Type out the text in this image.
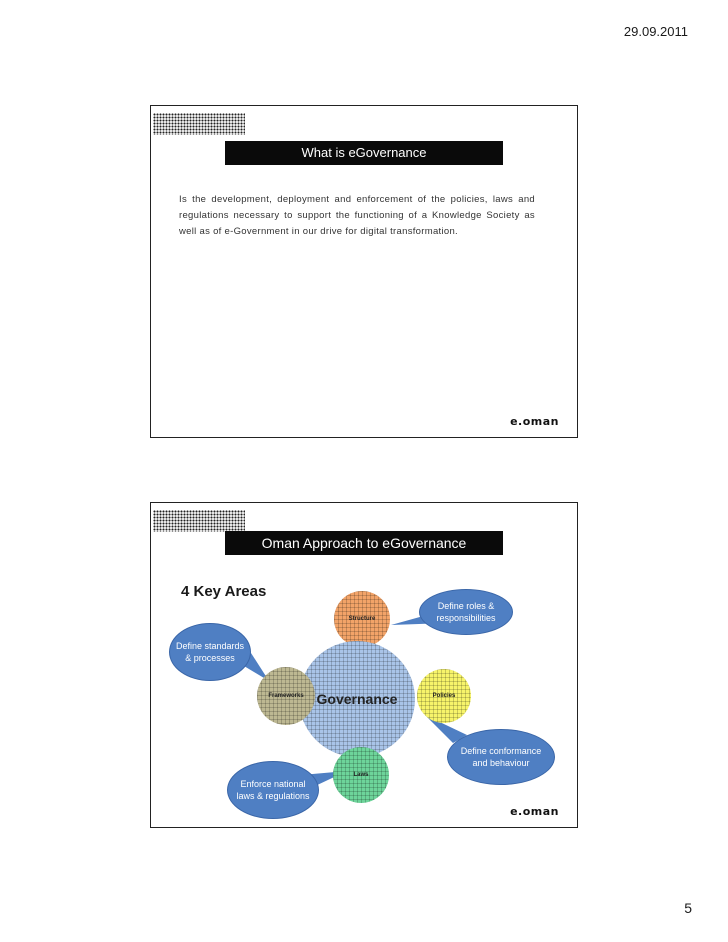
29.09.2011
What is eGovernance
Is the development, deployment and enforcement of the policies, laws and regulations necessary to support the functioning of a Knowledge Society as well as of e-Government in our drive for digital transformation.
e.oman
Oman Approach to eGovernance
4 Key Areas
Structure
Governance
Frameworks	Policies
Laws
Define roles & responsibilities
Define standards & processes
Define conformance and behaviour
Enforce national laws & regulations
e.oman
5
